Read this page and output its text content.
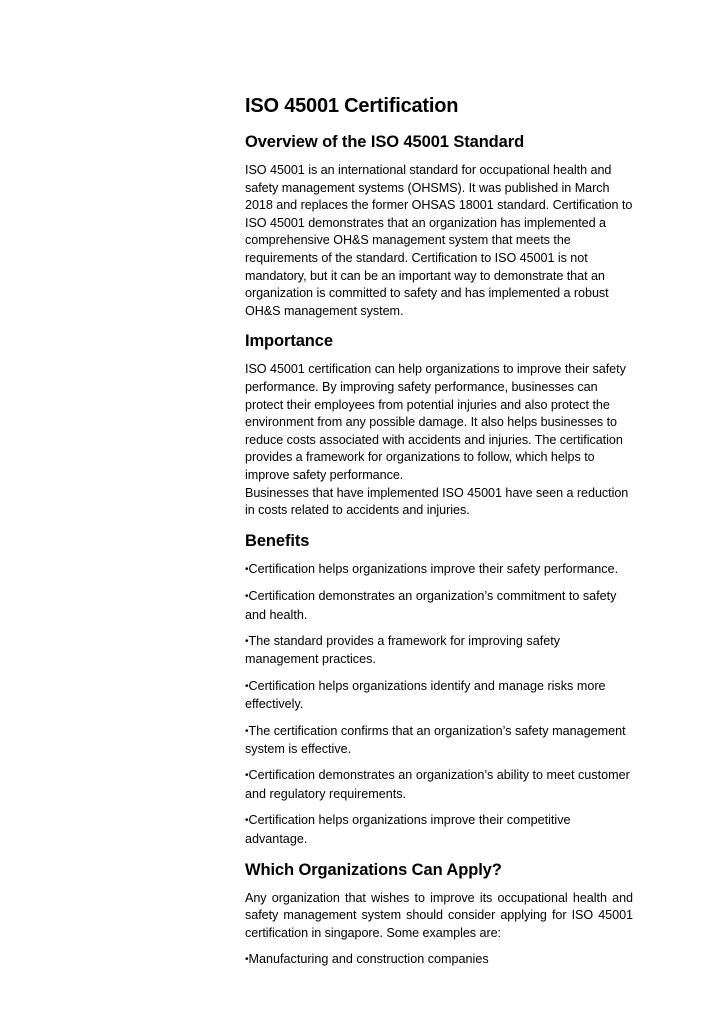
ISO 45001 Certification
Overview of the ISO 45001 Standard

ISO 45001 is an international standard for occupational health and safety management systems (OHSMS). It was published in March 2018 and replaces the former OHSAS 18001 standard. Certification to ISO 45001 demonstrates that an organization has implemented a comprehensive OH&S management system that meets the requirements of the standard. Certification to ISO 45001 is not mandatory, but it can be an important way to demonstrate that an organization is committed to safety and has implemented a robust OH&S management system.

Importance

ISO 45001 certification can help organizations to improve their safety performance. By improving safety performance, businesses can protect their employees from potential injuries and also protect the environment from any possible damage. It also helps businesses to reduce costs associated with accidents and injuries. The certification provides a framework for organizations to follow, which helps to improve safety performance.

Businesses that have implemented ISO 45001 have seen a reduction in costs related to accidents and injuries.

Benefits
•Certification helps organizations improve their safety performance.
•Certification demonstrates an organization’s commitment to safety and health.
•The standard provides a framework for improving safety management practices.
•Certification helps organizations identify and manage risks more effectively.
•The certification confirms that an organization’s safety management system is effective.
•Certification demonstrates an organization’s ability to meet customer and regulatory requirements.
•Certification helps organizations improve their competitive advantage.
Which Organizations Can Apply?

Any organization that wishes to improve its occupational health and safety management system should consider applying for ISO 45001 certification in singapore. Some examples are:

•Manufacturing and construction companies
